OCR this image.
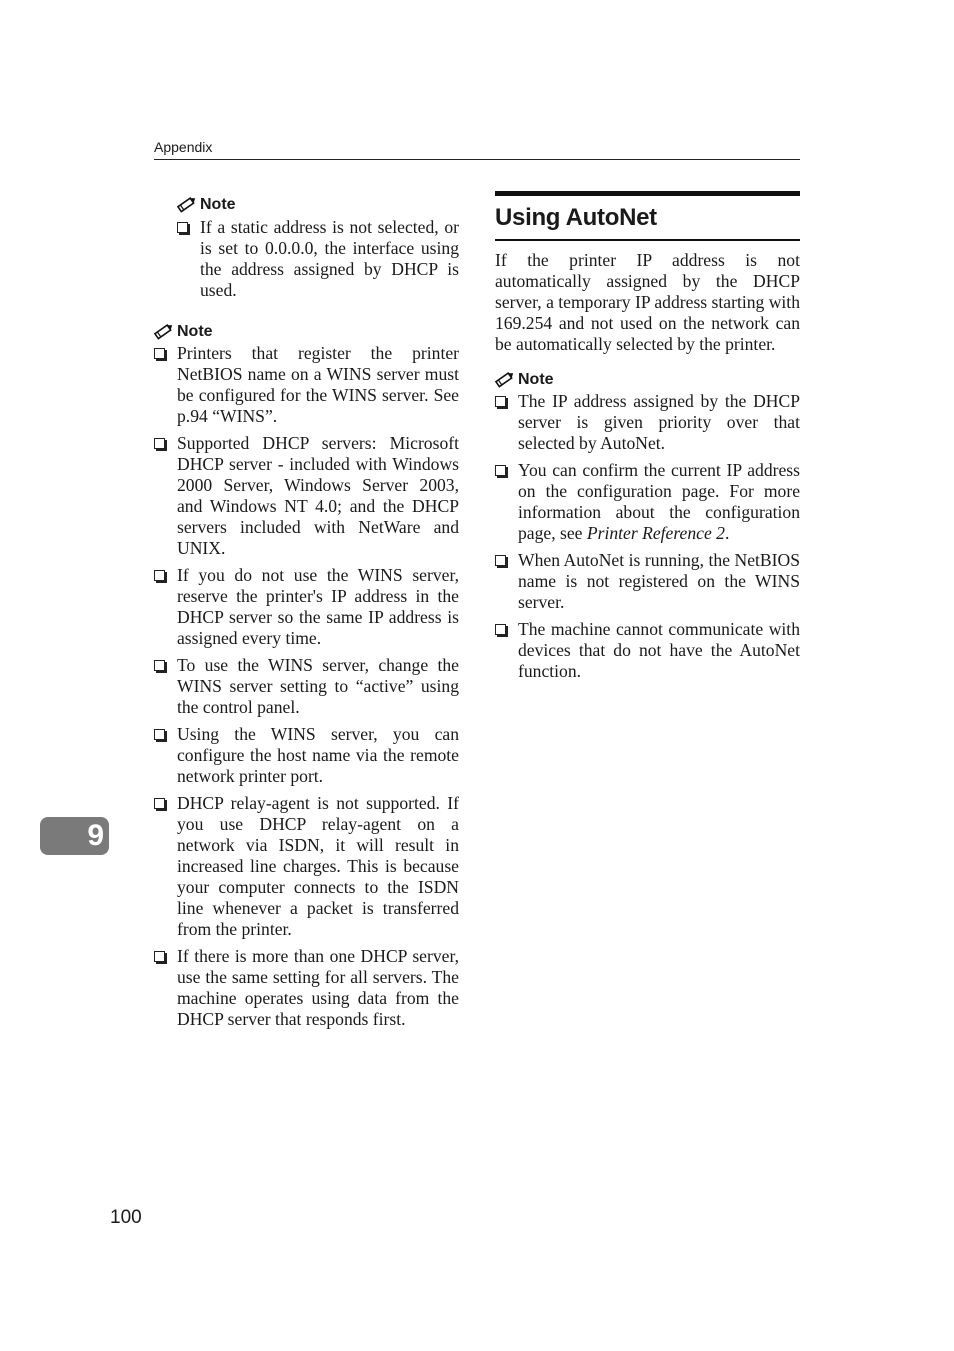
Appendix
Note
If a static address is not selected, or is set to 0.0.0.0, the interface using the address assigned by DHCP is used.
Note
Printers that register the printer NetBIOS name on a WINS server must be configured for the WINS server. See p.94 “WINS”.
Supported DHCP servers: Microsoft DHCP server - included with Windows 2000 Server, Windows Server 2003, and Windows NT 4.0; and the DHCP servers included with NetWare and UNIX.
If you do not use the WINS server, reserve the printer's IP address in the DHCP server so the same IP address is assigned every time.
To use the WINS server, change the WINS server setting to “active” using the control panel.
Using the WINS server, you can configure the host name via the remote network printer port.
DHCP relay-agent is not supported. If you use DHCP relay-agent on a network via ISDN, it will result in increased line charges. This is because your computer connects to the ISDN line whenever a packet is transferred from the printer.
If there is more than one DHCP server, use the same setting for all servers. The machine operates using data from the DHCP server that responds first.
Using AutoNet

If the printer IP address is not automatically assigned by the DHCP server, a temporary IP address starting with 169.254 and not used on the network can be automatically selected by the printer.

Note
The IP address assigned by the DHCP server is given priority over that selected by AutoNet.
You can confirm the current IP address on the configuration page. For more information about the configuration page, see Printer Reference 2.
When AutoNet is running, the NetBIOS name is not registered on the WINS server.
The machine cannot communicate with devices that do not have the AutoNet function.
9
100
